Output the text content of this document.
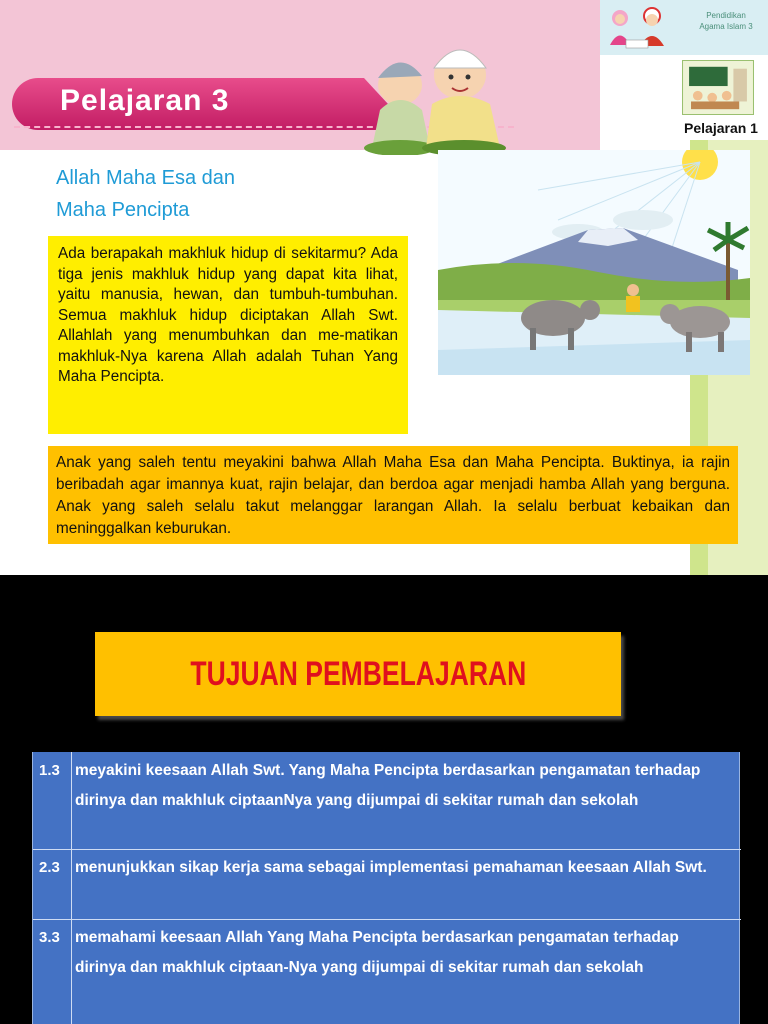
Pendidikan
Agama Islam 3
Pelajaran 1
Pelajaran 3
Allah Maha Esa dan
Maha Pencipta
Ada berapakah makhluk hidup di sekitarmu? Ada tiga jenis makhluk hidup yang dapat kita lihat, yaitu manusia, hewan, dan tumbuh-tumbuhan. Semua makhluk hidup diciptakan Allah Swt. Allahlah yang menumbuhkan dan me-matikan makhluk-Nya karena Allah adalah Tuhan Yang Maha Pencipta.
Anak yang saleh tentu meyakini bahwa Allah Maha Esa dan Maha Pencipta. Buktinya, ia rajin beribadah agar imannya kuat, rajin belajar, dan berdoa agar menjadi hamba Allah yang berguna. Anak yang saleh selalu takut melanggar larangan Allah. Ia selalu berbuat kebaikan dan meninggalkan keburukan.
TUJUAN PEMBELAJARAN
1.3 meyakini keesaan Allah Swt. Yang Maha Pencipta berdasarkan pengamatan terhadap dirinya dan makhluk ciptaanNya yang dijumpai di sekitar rumah dan sekolah
2.3 menunjukkan sikap kerja sama sebagai implementasi pemahaman keesaan Allah Swt.
3.3 memahami keesaan Allah Yang Maha Pencipta berdasarkan pengamatan terhadap dirinya dan makhluk ciptaan-Nya yang dijumpai di sekitar rumah dan sekolah
